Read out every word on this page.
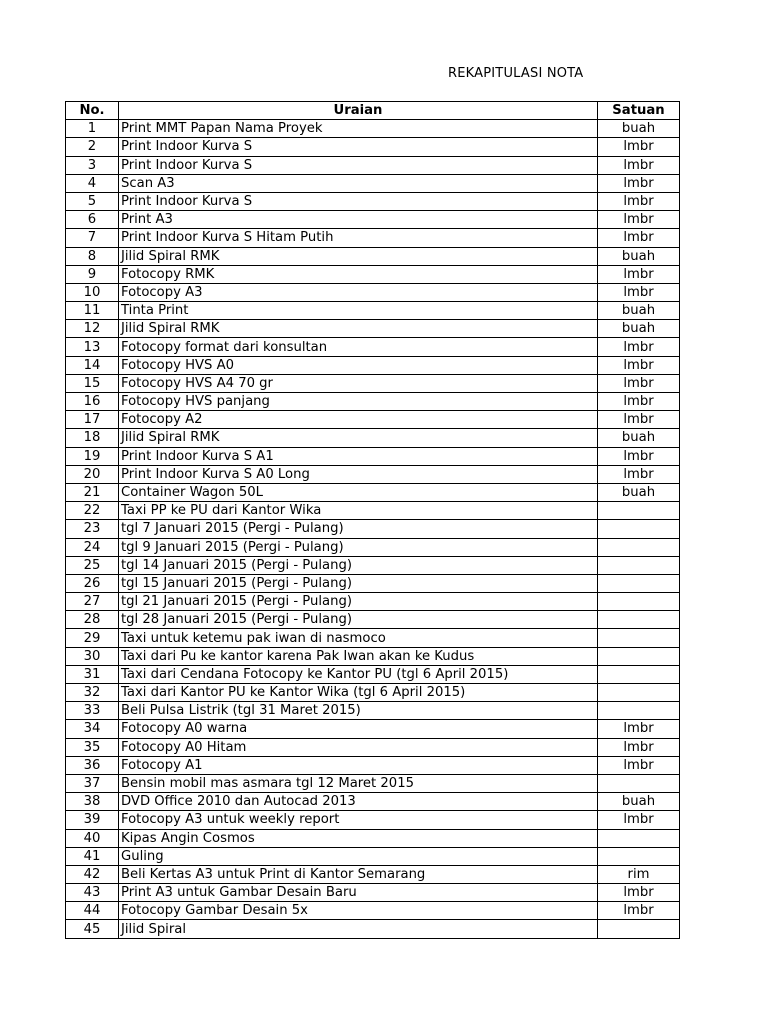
REKAPITULASI NOTA
No.	Uraian	Satuan
1	Print MMT Papan Nama Proyek	buah
2	Print Indoor Kurva S	lmbr
3	Print Indoor Kurva S	lmbr
4	Scan A3	lmbr
5	Print Indoor Kurva S	lmbr
6	Print A3	lmbr
7	Print Indoor Kurva S Hitam Putih	lmbr
8	Jilid Spiral RMK	buah
9	Fotocopy RMK	lmbr
10	Fotocopy A3	lmbr
11	Tinta Print	buah
12	Jilid Spiral RMK	buah
13	Fotocopy format dari konsultan	lmbr
14	Fotocopy HVS A0	lmbr
15	Fotocopy HVS A4 70 gr	lmbr
16	Fotocopy HVS panjang	lmbr
17	Fotocopy A2	lmbr
18	Jilid Spiral RMK	buah
19	Print Indoor Kurva S A1	lmbr
20	Print Indoor Kurva S A0 Long	lmbr
21	Container Wagon 50L	buah
22	Taxi PP ke PU dari Kantor Wika	
23	tgl 7 Januari 2015 (Pergi - Pulang)	
24	tgl 9 Januari 2015 (Pergi - Pulang)	
25	tgl 14 Januari 2015 (Pergi - Pulang)	
26	tgl 15 Januari 2015 (Pergi - Pulang)	
27	tgl 21 Januari 2015 (Pergi - Pulang)	
28	tgl 28 Januari 2015 (Pergi - Pulang)	
29	Taxi untuk ketemu pak iwan di nasmoco	
30	Taxi dari Pu ke kantor karena Pak Iwan akan ke Kudus	
31	Taxi dari Cendana Fotocopy ke Kantor PU (tgl 6 April 2015)	
32	Taxi dari Kantor PU ke Kantor Wika (tgl 6 April 2015)	
33	Beli Pulsa Listrik (tgl 31 Maret 2015)	
34	Fotocopy A0 warna	lmbr
35	Fotocopy A0 Hitam	lmbr
36	Fotocopy A1	lmbr
37	Bensin mobil mas asmara tgl 12 Maret 2015	
38	DVD Office 2010 dan Autocad 2013	buah
39	Fotocopy A3 untuk weekly report	lmbr
40	Kipas Angin Cosmos	
41	Guling	
42	Beli Kertas A3 untuk Print di Kantor Semarang	rim
43	Print A3 untuk Gambar Desain Baru	lmbr
44	Fotocopy Gambar Desain 5x	lmbr
45	Jilid Spiral	
